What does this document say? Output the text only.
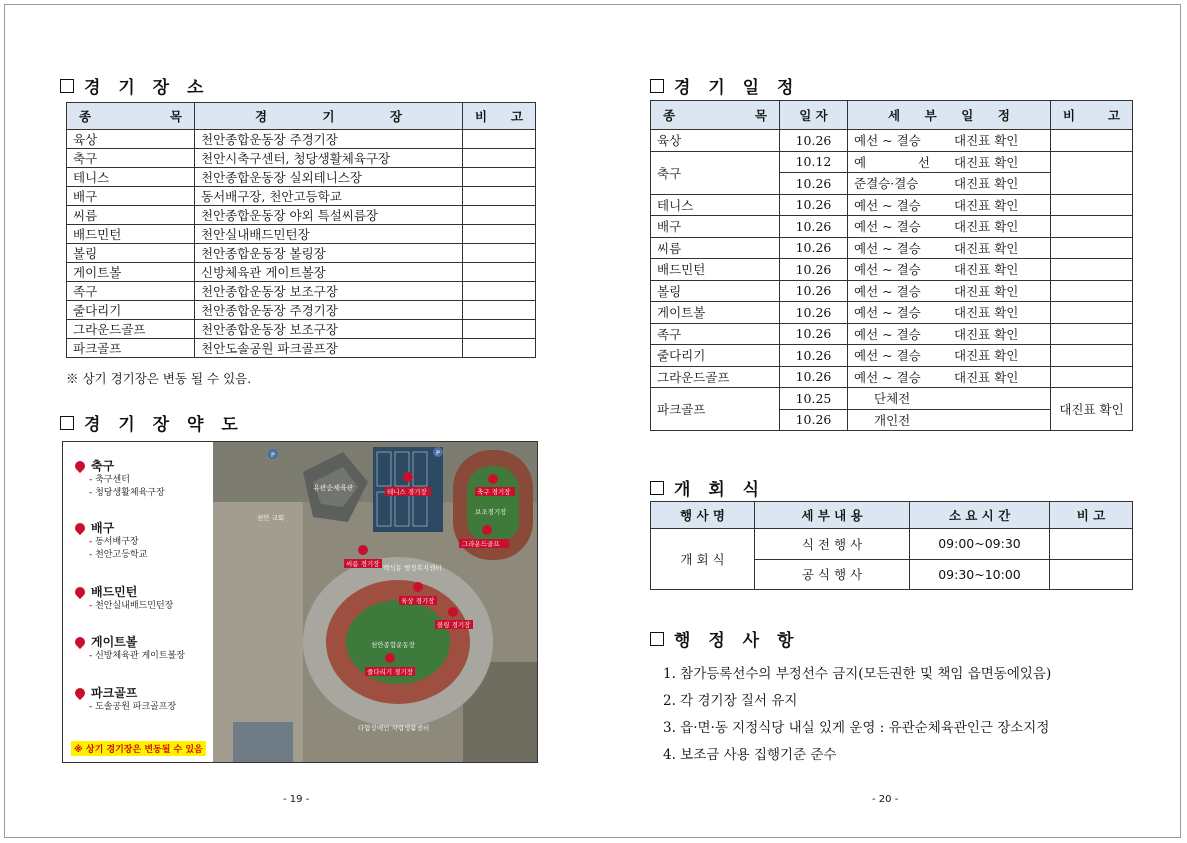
경 기 장 소
종 목	경 기 장	비 고
육상	천안종합운동장 주경기장	
축구	천안시축구센터, 청당생활체육구장	
테니스	천안종합운동장 실외테니스장	
배구	동서배구장, 천안고등학교	
씨름	천안종합운동장 야외 특설씨름장	
배드민턴	천안실내배드민턴장	
볼링	천안종합운동장 볼링장	
게이트볼	신방체육관 게이트볼장	
족구	천안종합운동장 보조구장	
줄다리기	천안종합운동장 주경기장	
그라운드골프	천안종합운동장 보조구장	
파크골프	천안도솔공원 파크골프장	
※ 상기 경기장은 변동 될 수 있음.
경 기 장 약 도
축구
- 축구센터
- 청당생활체육구장
배구
- 동서배구장
- 천안고등학교
배드민턴
- 천안실내배드민턴장
게이트볼
- 신방체육관 게이트볼장
파크골프
- 도솔공원 파크골프장
※ 상기 경기장은 변동될 수 있음
유관순체육관
보조경기장
천안종합운동장
백석동 행정복지센터
다함장애인 자립생활센터
천안 교회
테니스 경기장	축구 경기장
그라운드골프
씨름 경기장
육상 경기장
볼링 경기장
줄다리기 경기장
P	P
- 19 -
경 기 일 정
종 목	일 자	세 부 일 정	비 고	
육상	10.26	예선 ~ 결승 대진표 확인		
축구	10.12	예 선 대진표 확인		
	10.26	준결승·결승 대진표 확인		
테니스	10.26	예선 ~ 결승 대진표 확인		
배구	10.26	예선 ~ 결승 대진표 확인		
씨름	10.26	예선 ~ 결승 대진표 확인		
배드민턴	10.26	예선 ~ 결승 대진표 확인		
볼링	10.26	예선 ~ 결승 대진표 확인		
게이트볼	10.26	예선 ~ 결승 대진표 확인		
족구	10.26	예선 ~ 결승 대진표 확인		
줄다리기	10.26	예선 ~ 결승 대진표 확인		
그라운드골프	10.26	예선 ~ 결승 대진표 확인		
파크골프	10.25	단체전	대진표 확인	
	10.26	개인전		
개 회 식
행 사 명	세 부 내 용	소 요 시 간	비 고
개 회 식	식 전 행 사	09:00~09:30	
	공 식 행 사	09:30~10:00	
행 정 사 항
1. 참가등록선수의 부정선수 금지(모든권한 및 책임 읍면동에있음)
2. 각 경기장 질서 유지
3. 읍·면·동 지정식당 내실 있게 운영 : 유관순체육관인근 장소지정
4. 보조금 사용 집행기준 준수
- 20 -
